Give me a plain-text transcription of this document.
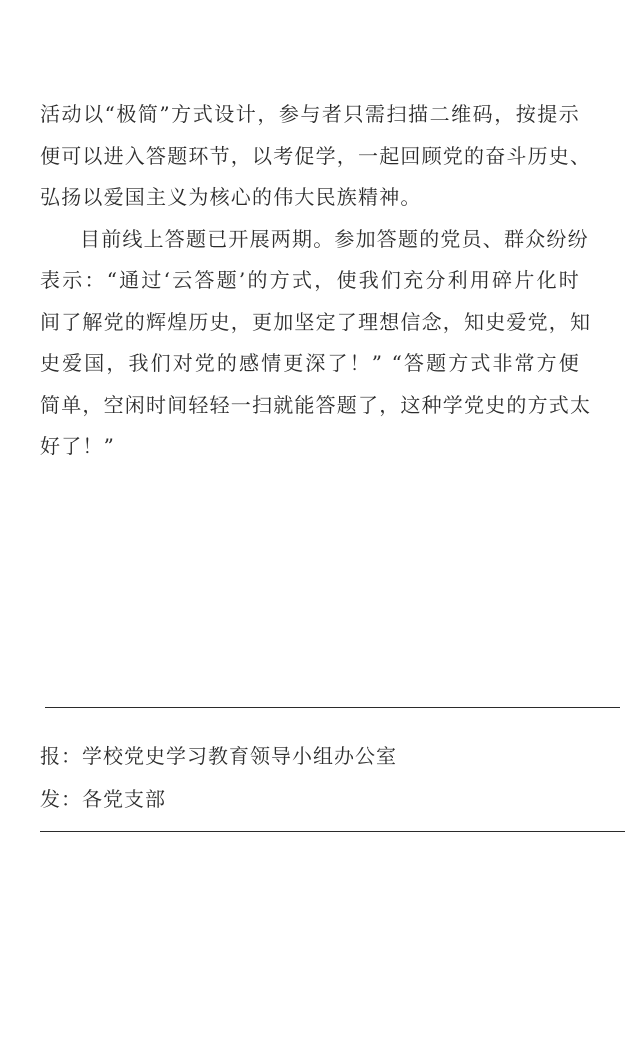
活动以“极简”方式设计，参与者只需扫描二维码，按提示
便可以进入答题环节，以考促学，一起回顾党的奋斗历史、
弘扬以爱国主义为核心的伟大民族精神。
目前线上答题已开展两期。参加答题的党员、群众纷纷
表示：“通过‘云答题’的方式，使我们充分利用碎片化时
间了解党的辉煌历史，更加坚定了理想信念，知史爱党，知
史爱国，我们对党的感情更深了！” “答题方式非常方便
简单，空闲时间轻轻一扫就能答题了，这种学党史的方式太
好了！”
报：学校党史学习教育领导小组办公室
发：各党支部
